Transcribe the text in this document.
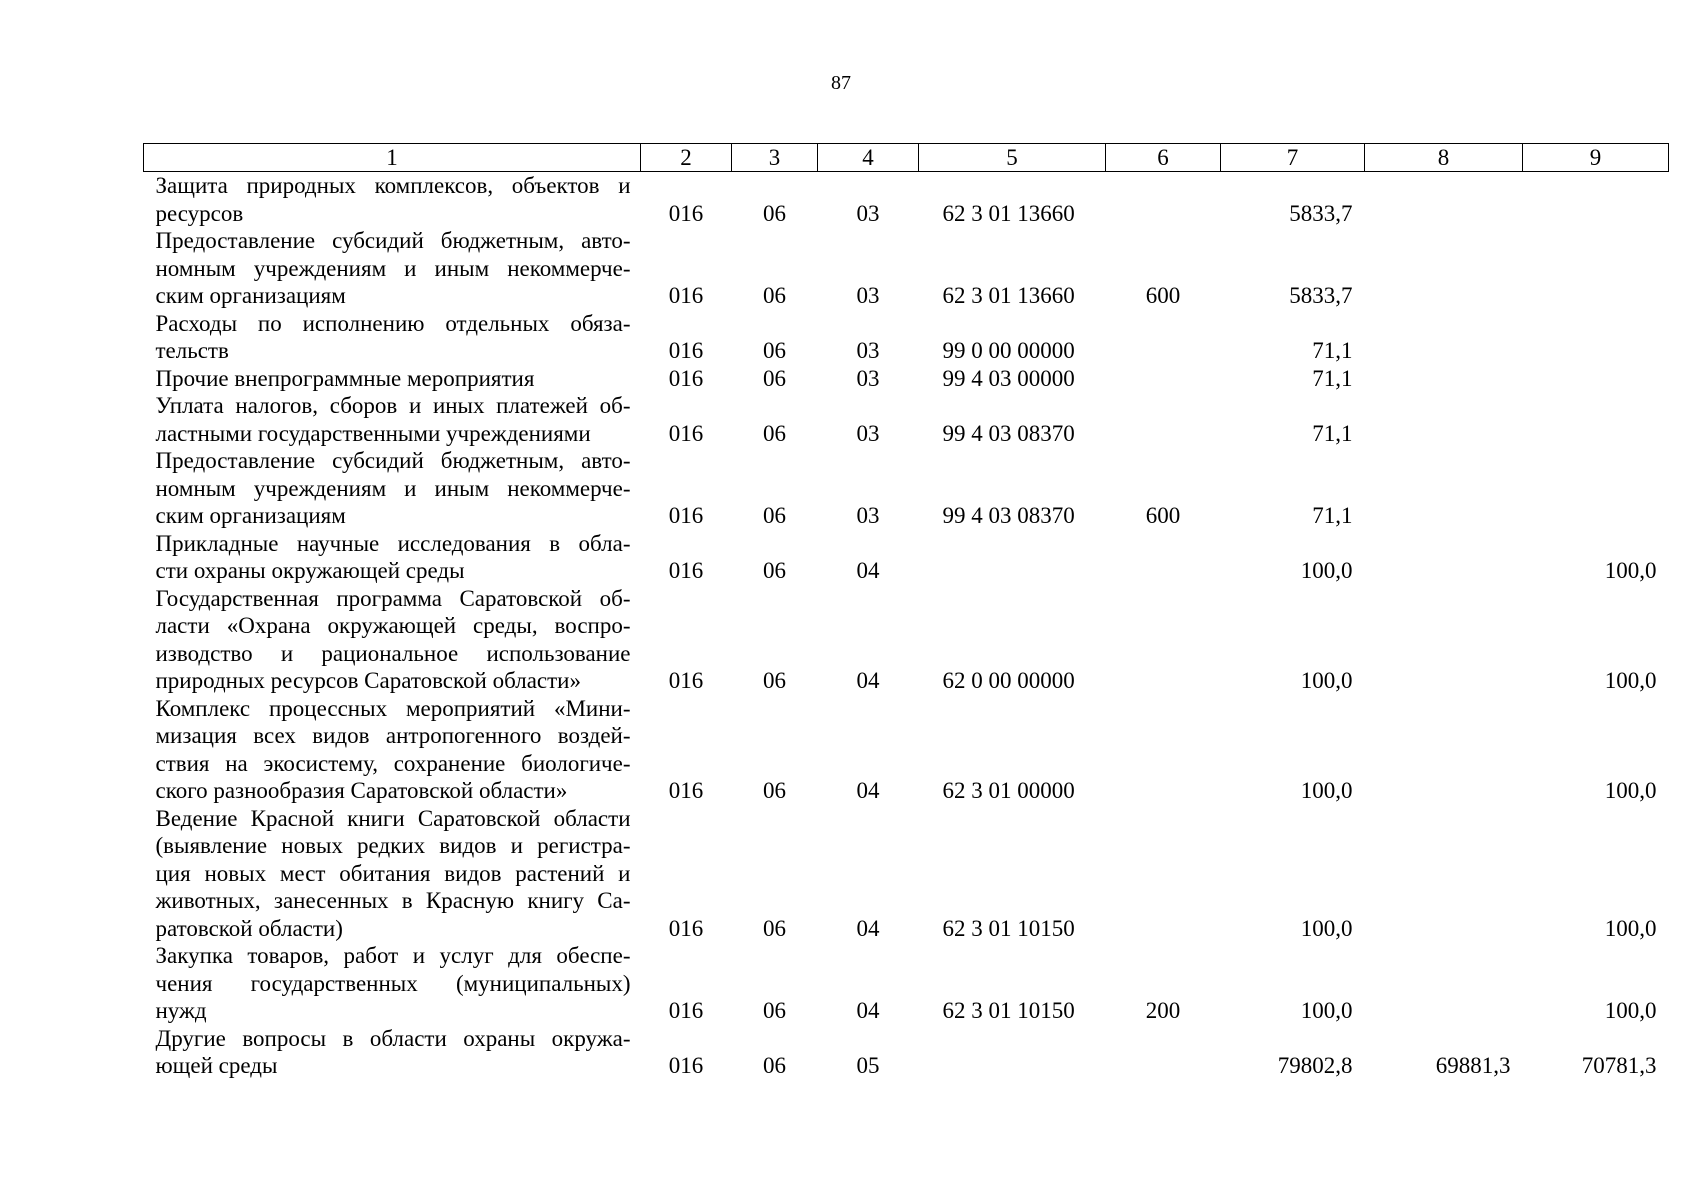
87
1	2	3	4	5	6	7	8	9

Защита природных комплексов, объектов и
ресурсов	016	06	03	62 3 01 13660		5833,7		

Предоставление субсидий бюджетным, авто-
номным учреждениям и иным некоммерче-
ским организациям	016	06	03	62 3 01 13660	600	5833,7		

Расходы по исполнению отдельных обяза-
тельств	016	06	03	99 0 00 00000		71,1		

Прочие внепрограммные мероприятия	016	06	03	99 4 03 00000		71,1		

Уплата налогов, сборов и иных платежей об-
ластными государственными учреждениями	016	06	03	99 4 03 08370		71,1		

Предоставление субсидий бюджетным, авто-
номным учреждениям и иным некоммерче-
ским организациям	016	06	03	99 4 03 08370	600	71,1		

Прикладные научные исследования в обла-
сти охраны окружающей среды	016	06	04			100,0		100,0

Государственная программа Саратовской об-
ласти «Охрана окружающей среды, воспро-
изводство и рациональное использование
природных ресурсов Саратовской области»	016	06	04	62 0 00 00000		100,0		100,0

Комплекс процессных мероприятий «Мини-
мизация всех видов антропогенного воздей-
ствия на экосистему, сохранение биологиче-
ского разнообразия Саратовской области»	016	06	04	62 3 01 00000		100,0		100,0

Ведение Красной книги Саратовской области
(выявление новых редких видов и регистра-
ция новых мест обитания видов растений и
животных, занесенных в Красную книгу Са-
ратовской области)	016	06	04	62 3 01 10150		100,0		100,0

Закупка товаров, работ и услуг для обеспе-
чения государственных (муниципальных)
нужд	016	06	04	62 3 01 10150	200	100,0		100,0

Другие вопросы в области охраны окружа-
ющей среды	016	06	05			79802,8	69881,3	70781,3
